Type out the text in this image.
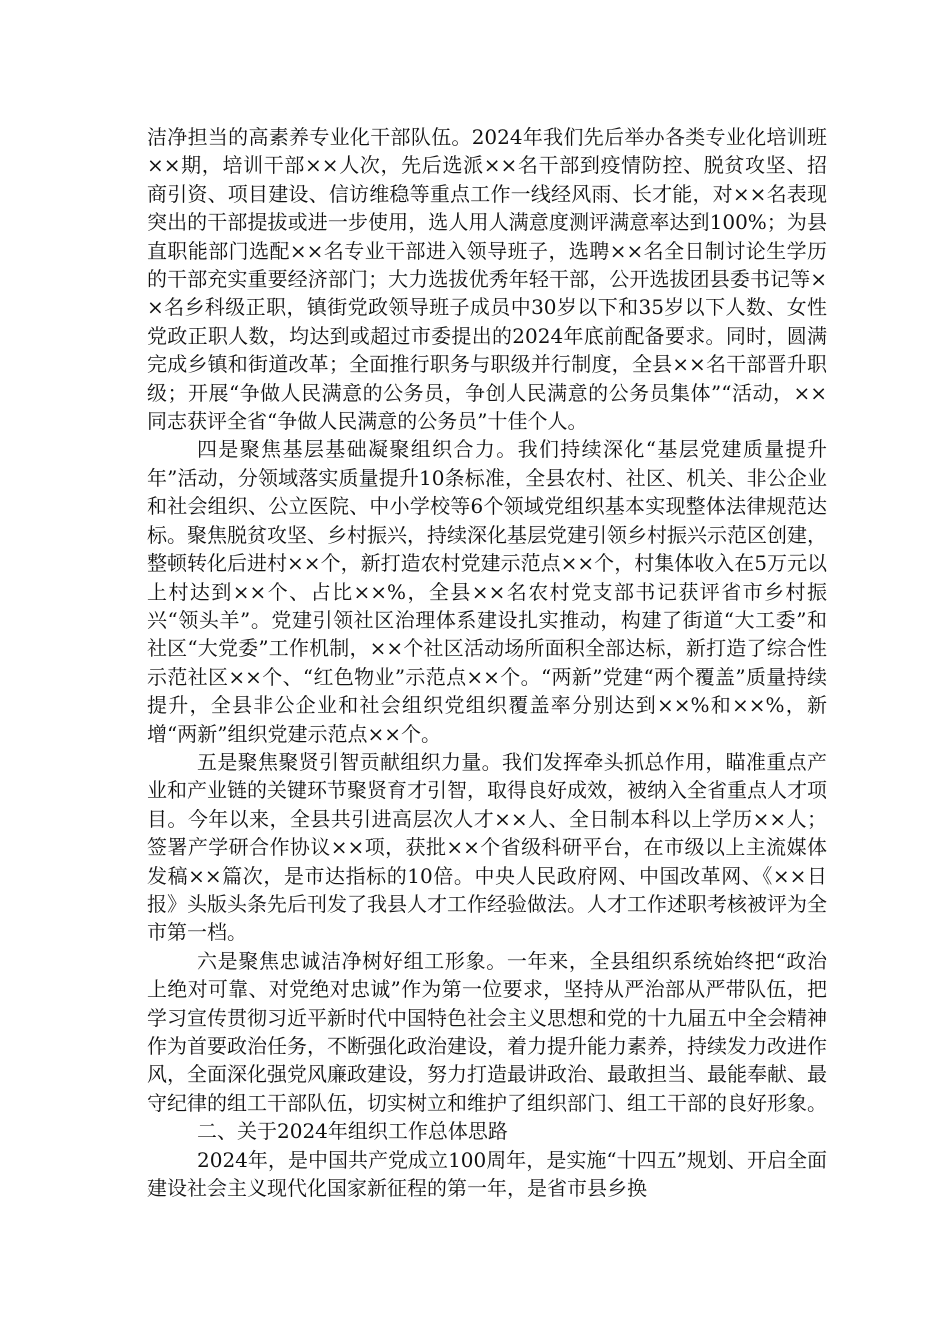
洁净担当的高素养专业化干部队伍。2024年我们先后举办各类专业化培训班××期，培训干部××人次，先后选派××名干部到疫情防控、脱贫攻坚、招商引资、项目建设、信访维稳等重点工作一线经风雨、长才能，对××名表现突出的干部提拔或进一步使用，选人用人满意度测评满意率达到100%；为县直职能部门选配××名专业干部进入领导班子，选聘××名全日制讨论生学历的干部充实重要经济部门；大力选拔优秀年轻干部，公开选拔团县委书记等××名乡科级正职，镇街党政领导班子成员中30岁以下和35岁以下人数、女性党政正职人数，均达到或超过市委提出的2024年底前配备要求。同时，圆满完成乡镇和街道改革；全面推行职务与职级并行制度，全县××名干部晋升职级；开展“争做人民满意的公务员，争创人民满意的公务员集体”“活动，××同志获评全省“争做人民满意的公务员”十佳个人。

四是聚焦基层基础凝聚组织合力。我们持续深化“基层党建质量提升年”活动，分领域落实质量提升10条标准，全县农村、社区、机关、非公企业和社会组织、公立医院、中小学校等6个领域党组织基本实现整体法律规范达标。聚焦脱贫攻坚、乡村振兴，持续深化基层党建引领乡村振兴示范区创建，整顿转化后进村××个，新打造农村党建示范点××个，村集体收入在5万元以上村达到××个、占比××%，全县××名农村党支部书记获评省市乡村振兴“领头羊”。党建引领社区治理体系建设扎实推动，构建了街道“大工委”和社区“大党委”工作机制，××个社区活动场所面积全部达标，新打造了综合性示范社区××个、“红色物业”示范点××个。“两新”党建“两个覆盖”质量持续提升，全县非公企业和社会组织党组织覆盖率分别达到××%和××%，新增“两新”组织党建示范点××个。

五是聚焦聚贤引智贡献组织力量。我们发挥牵头抓总作用，瞄准重点产业和产业链的关键环节聚贤育才引智，取得良好成效，被纳入全省重点人才项目。今年以来，全县共引进高层次人才××人、全日制本科以上学历××人；签署产学研合作协议××项，获批××个省级科研平台，在市级以上主流媒体发稿××篇次，是市达指标的10倍。中央人民政府网、中国改革网、《××日报》头版头条先后刊发了我县人才工作经验做法。人才工作述职考核被评为全市第一档。

六是聚焦忠诚洁净树好组工形象。一年来，全县组织系统始终把“政治上绝对可靠、对党绝对忠诚”作为第一位要求，坚持从严治部从严带队伍，把学习宣传贯彻习近平新时代中国特色社会主义思想和党的十九届五中全会精神作为首要政治任务，不断强化政治建设，着力提升能力素养，持续发力改进作风，全面深化强党风廉政建设，努力打造最讲政治、最敢担当、最能奉献、最守纪律的组工干部队伍，切实树立和维护了组织部门、组工干部的良好形象。

二、关于2024年组织工作总体思路

2024年，是中国共产党成立100周年，是实施“十四五”规划、开启全面建设社会主义现代化国家新征程的第一年，是省市县乡换
